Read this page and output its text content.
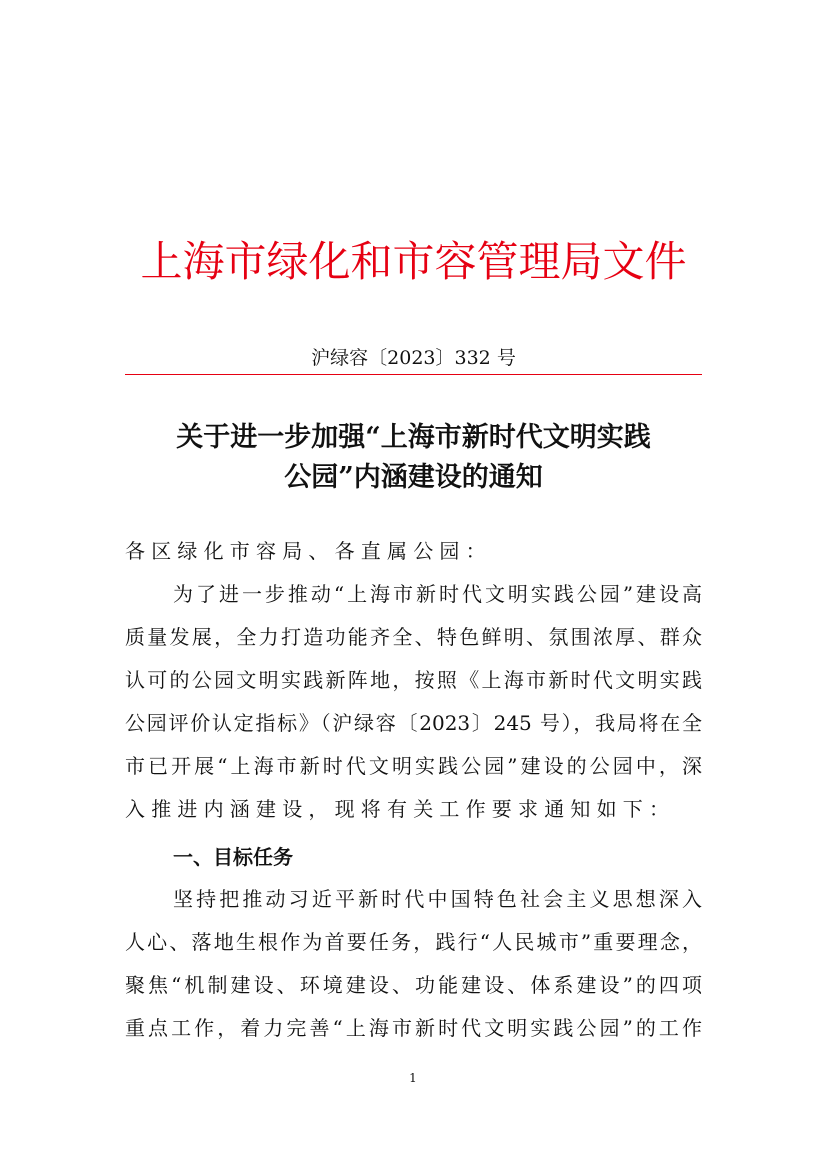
上海市绿化和市容管理局文件
沪绿容〔2023〕332 号
关于进一步加强“上海市新时代文明实践
公园”内涵建设的通知
各区绿化市容局、各直属公园：
为了进一步推动“上海市新时代文明实践公园”建设高
质量发展，全力打造功能齐全、特色鲜明、氛围浓厚、群众
认可的公园文明实践新阵地，按照《上海市新时代文明实践
公园评价认定指标》（沪绿容〔2023〕245 号），我局将在全
市已开展“上海市新时代文明实践公园”建设的公园中，深
入推进内涵建设，现将有关工作要求通知如下：
一、目标任务
坚持把推动习近平新时代中国特色社会主义思想深入
人心、落地生根作为首要任务，践行“人民城市”重要理念，
聚焦“机制建设、环境建设、功能建设、体系建设”的四项
重点工作，着力完善“上海市新时代文明实践公园”的工作
1
